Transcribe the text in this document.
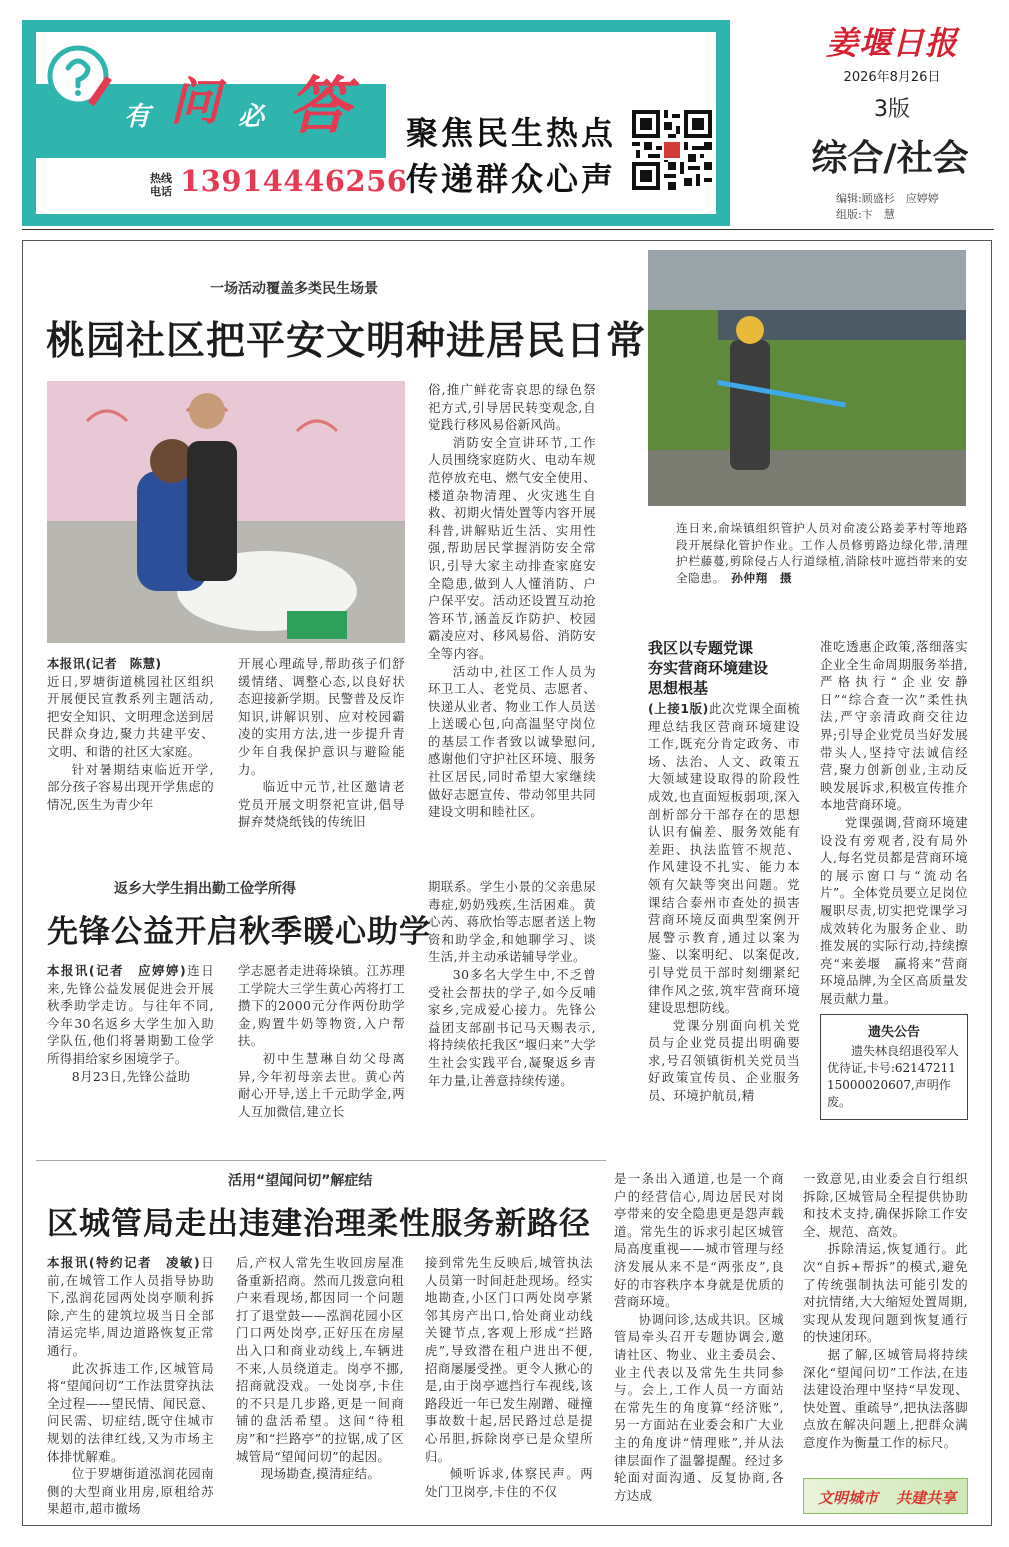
有 问 必 答
热线
电话 13914446256
聚焦民生热点
传递群众心声
姜堰日报
2026年8月26日
3版
综合/社会
编辑:顾盛杉　应婷婷
组版:卞　慧
一场活动覆盖多类民生场景
桃园社区把平安文明种进居民日常

本报讯(记者　陈慧)

近日,罗塘街道桃园社区组织开展便民宣教系列主题活动,把安全知识、文明理念送到居民群众身边,聚力共建平安、文明、和谐的社区大家庭。

针对暑期结束临近开学,部分孩子容易出现开学焦虑的情况,医生为青少年

开展心理疏导,帮助孩子们舒缓情绪、调整心态,以良好状态迎接新学期。民警普及反诈知识,讲解识别、应对校园霸凌的实用方法,进一步提升青少年自我保护意识与避险能力。

临近中元节,社区邀请老党员开展文明祭祀宣讲,倡导摒弃焚烧纸钱的传统旧

俗,推广鲜花寄哀思的绿色祭祀方式,引导居民转变观念,自觉践行移风易俗新风尚。

消防安全宣讲环节,工作人员围绕家庭防火、电动车规范停放充电、燃气安全使用、楼道杂物清理、火灾逃生自救、初期火情处置等内容开展科普,讲解贴近生活、实用性强,帮助居民掌握消防安全常识,引导大家主动排查家庭安全隐患,做到人人懂消防、户户保平安。活动还设置互动抢答环节,涵盖反诈防护、校园霸凌应对、移风易俗、消防安全等内容。

活动中,社区工作人员为环卫工人、老党员、志愿者、快递从业者、物业工作人员送上送暖心包,向高温坚守岗位的基层工作者致以诚挚慰问,感谢他们守护社区环境、服务社区居民,同时希望大家继续做好志愿宣传、带动邻里共同建设文明和睦社区。

连日来,俞垛镇组织管护人员对俞凌公路姜茅村等地路段开展绿化管护作业。工作人员修剪路边绿化带,清理护栏藤蔓,剪除侵占人行道绿植,消除枝叶遮挡带来的安全隐患。　 孙仲翔　摄

返乡大学生捐出勤工俭学所得
先锋公益开启秋季暖心助学

本报讯(记者　应婷婷)连日来,先锋公益发展促进会开展秋季助学走访。与往年不同,今年30名返乡大学生加入助学队伍,他们将暑期勤工俭学所得捐给家乡困境学子。

8月23日,先锋公益助

学志愿者走进蒋垛镇。江苏理工学院大三学生黄心芮将打工攒下的2000元分作两份助学金,购置牛奶等物资,入户帮扶。

初中生慧琳自幼父母离异,今年初母亲去世。黄心芮耐心开导,送上千元助学金,两人互加微信,建立长

期联系。学生小景的父亲患尿毒症,奶奶残疾,生活困难。黄心芮、蒋欣怡等志愿者送上物资和助学金,和她聊学习、谈生活,并主动承诺辅导学业。

30多名大学生中,不乏曾受社会帮扶的学子,如今反哺家乡,完成爱心接力。先锋公益团支部副书记马天赐表示,将持续依托我区“堰归来”大学生社会实践平台,凝聚返乡青年力量,让善意持续传递。

我区以专题党课
夯实营商环境建设
思想根基

(上接1版)此次党课全面梳理总结我区营商环境建设工作,既充分肯定政务、市场、法治、人文、政策五大领域建设取得的阶段性成效,也直面短板弱项,深入剖析部分干部存在的思想认识有偏差、服务效能有差距、执法监管不规范、作风建设不扎实、能力本领有欠缺等突出问题。党课结合泰州市查处的损害营商环境反面典型案例开展警示教育,通过以案为鉴、以案明纪、以案促改,引导党员干部时刻绷紧纪律作风之弦,筑牢营商环境建设思想防线。

党课分别面向机关党员与企业党员提出明确要求,号召领镇街机关党员当好政策宣传员、企业服务员、环境护航员,精

准吃透惠企政策,落细落实企业全生命周期服务举措,严格执行“企业安静日”“综合查一次”柔性执法,严守亲清政商交往边界;引导企业党员当好发展带头人,坚持守法诚信经营,聚力创新创业,主动反映发展诉求,积极宣传推介本地营商环境。

党课强调,营商环境建设没有旁观者,没有局外人,每名党员都是营商环境的展示窗口与“流动名片”。全体党员要立足岗位履职尽责,切实把党课学习成效转化为服务企业、助推发展的实际行动,持续擦亮“来姜堰　赢将来”营商环境品牌,为全区高质量发展贡献力量。

遗失公告
遗失林良绍退役军人优待证,卡号:6214721115000020607,声明作废。
活用“望闻问切”解症结
区城管局走出违建治理柔性服务新路径

本报讯(特约记者　凌敏)日前,在城管工作人员指导协助下,泓润花园两处岗亭顺利拆除,产生的建筑垃圾当日全部清运完毕,周边道路恢复正常通行。

此次拆违工作,区城管局将“望闻问切”工作法贯穿执法全过程——望民情、闻民意、问民需、切症结,既守住城市规划的法律红线,又为市场主体排忧解难。

位于罗塘街道泓润花园南侧的大型商业用房,原租给苏果超市,超市撤场

后,产权人常先生收回房屋准备重新招商。然而几拨意向租户来看现场,都因同一个问题打了退堂鼓——泓润花园小区门口两处岗亭,正好压在房屋出入口和商业动线上,车辆进不来,人员绕道走。岗亭不挪,招商就没戏。一处岗亭,卡住的不只是几步路,更是一间商铺的盘活希望。这间“待租房”和“拦路亭”的拉锯,成了区城管局“望闻问切”的起因。

现场勘查,摸清症结。

接到常先生反映后,城管执法人员第一时间赶赴现场。经实地勘查,小区门口两处岗亭紧邻其房产出口,恰处商业动线关键节点,客观上形成“拦路虎”,导致潜在租户进出不便,招商屡屡受挫。更令人揪心的是,由于岗亭遮挡行车视线,该路段近一年已发生剐蹭、碰撞事故数十起,居民路过总是提心吊胆,拆除岗亭已是众望所归。

倾听诉求,体察民声。两处门卫岗亭,卡住的不仅

是一条出入通道,也是一个商户的经营信心,周边居民对岗亭带来的安全隐患更是怨声载道。常先生的诉求引起区城管局高度重视——城市管理与经济发展从来不是“两张皮”,良好的市容秩序本身就是优质的营商环境。

协调问诊,达成共识。区城管局牵头召开专题协调会,邀请社区、物业、业主委员会、业主代表以及常先生共同参与。会上,工作人员一方面站在常先生的角度算“经济账”,另一方面站在业委会和广大业主的角度讲“情理账”,并从法律层面作了温馨提醒。经过多轮面对面沟通、反复协商,各方达成

一致意见,由业委会自行组织拆除,区城管局全程提供协助和技术支持,确保拆除工作安全、规范、高效。

拆除清运,恢复通行。此次“自拆+帮拆”的模式,避免了传统强制执法可能引发的对抗情绪,大大缩短处置周期,实现从发现问题到恢复通行的快速闭环。

据了解,区城管局将持续深化“望闻问切”工作法,在违法建设治理中坚持“早发现、快处置、重疏导”,把执法落脚点放在解决问题上,把群众满意度作为衡量工作的标尺。

文明城市 共建共享
